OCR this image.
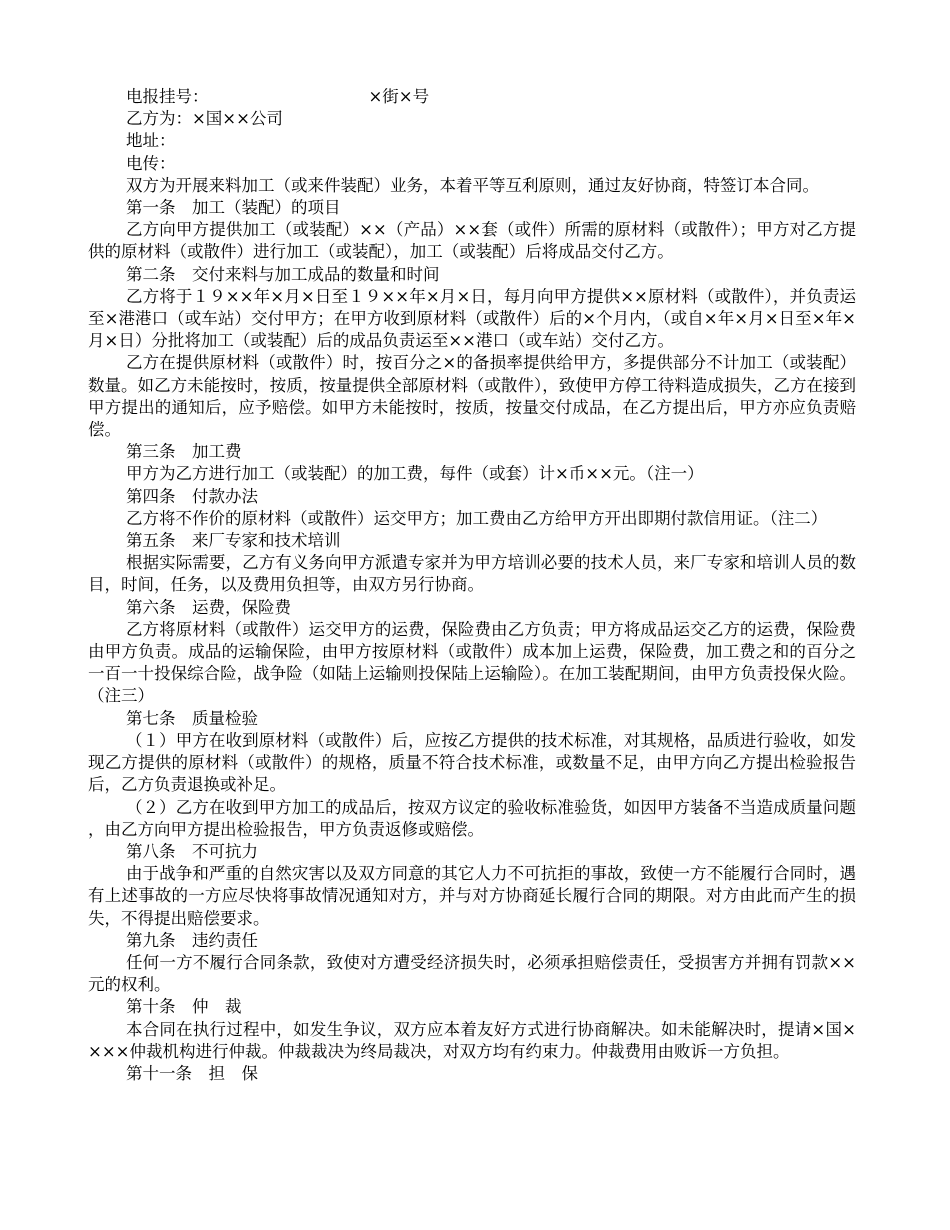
电报挂号：	×街×号

乙方为：×国××公司

地址：

电传：

双方为开展来料加工（或来件装配）业务，本着平等互利原则，通过友好协商，特签订本合同。

第一条　加工（装配）的项目

乙方向甲方提供加工（或装配）××（产品）××套（或件）所需的原材料（或散件）；甲方对乙方提供的原材料（或散件）进行加工（或装配），加工（或装配）后将成品交付乙方。

第二条　交付来料与加工成品的数量和时间

乙方将于１９××年×月×日至１９××年×月×日，每月向甲方提供××原材料（或散件），并负责运至×港港口（或车站）交付甲方；在甲方收到原材料（或散件）后的×个月内，（或自×年×月×日至×年×月×日）分批将加工（或装配）后的成品负责运至××港口（或车站）交付乙方。

乙方在提供原材料（或散件）时，按百分之×的备损率提供给甲方，多提供部分不计加工（或装配）数量。如乙方未能按时，按质，按量提供全部原材料（或散件），致使甲方停工待料造成损失，乙方在接到甲方提出的通知后，应予赔偿。如甲方未能按时，按质，按量交付成品，在乙方提出后，甲方亦应负责赔偿。

第三条　加工费

甲方为乙方进行加工（或装配）的加工费，每件（或套）计×币××元。（注一）

第四条　付款办法

乙方将不作价的原材料（或散件）运交甲方；加工费由乙方给甲方开出即期付款信用证。（注二）

第五条　来厂专家和技术培训

根据实际需要，乙方有义务向甲方派遣专家并为甲方培训必要的技术人员，来厂专家和培训人员的数目，时间，任务，以及费用负担等，由双方另行协商。

第六条　运费，保险费

乙方将原材料（或散件）运交甲方的运费，保险费由乙方负责；甲方将成品运交乙方的运费，保险费由甲方负责。成品的运输保险，由甲方按原材料（或散件）成本加上运费，保险费，加工费之和的百分之一百一十投保综合险，战争险（如陆上运输则投保陆上运输险）。在加工装配期间，由甲方负责投保火险。（注三）

第七条　质量检验

（１）甲方在收到原材料（或散件）后，应按乙方提供的技术标准，对其规格，品质进行验收，如发现乙方提供的原材料（或散件）的规格，质量不符合技术标准，或数量不足，由甲方向乙方提出检验报告后，乙方负责退换或补足。

（２）乙方在收到甲方加工的成品后，按双方议定的验收标准验货，如因甲方装备不当造成质量问题，由乙方向甲方提出检验报告，甲方负责返修或赔偿。

第八条　不可抗力

由于战争和严重的自然灾害以及双方同意的其它人力不可抗拒的事故，致使一方不能履行合同时，遇有上述事故的一方应尽快将事故情况通知对方，并与对方协商延长履行合同的期限。对方由此而产生的损失，不得提出赔偿要求。

第九条　违约责任

任何一方不履行合同条款，致使对方遭受经济损失时，必须承担赔偿责任，受损害方并拥有罚款××元的权利。

第十条　仲　裁

本合同在执行过程中，如发生争议，双方应本着友好方式进行协商解决。如未能解决时，提请×国××××仲裁机构进行仲裁。仲裁裁决为终局裁决，对双方均有约束力。仲裁费用由败诉一方负担。

第十一条　担　保
